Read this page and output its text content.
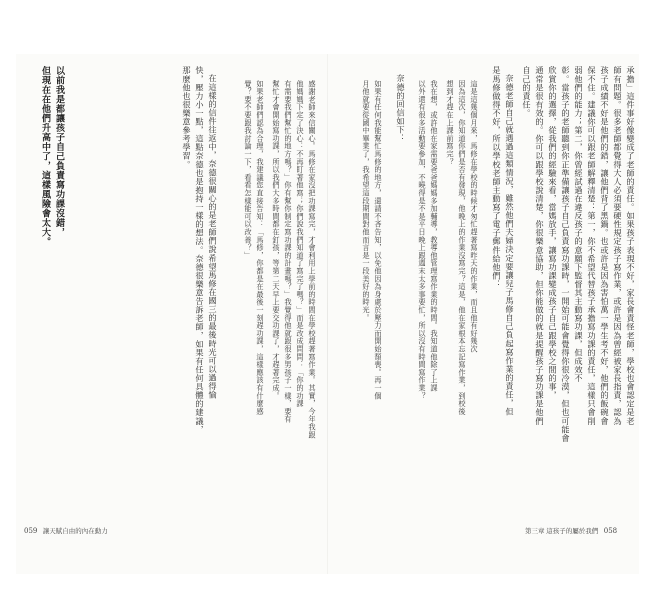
承擔」這件事好像變成了老師的責任。如果孩子表現不好，家長會責怪老師，學校也會認定是老
師有問題。很多老師都覺得大人必須要硬性規定孩子寫作業，或許是因為曾經被家長指責，認為
孩子成績不好是他們的錯，讓他們背了黑鍋。也或許是因為害怕萬一學生考不好，他們的飯碗會
保不住。建議你可以跟老師解釋清楚：第一，你不希望代替孩子承擔寫功課的責任，這樣只會削
弱他們的能力；第二，你曾經試過在違反孩子的意願下監督其主動寫功課，但成效不
彰。當孩子的老師聽到你正準備讓孩子自己負責寫功課時，一開始可能會覺得你很冷漠，但也可能會
欣賞你的選擇，從我們的經驗來看，當媽放手，讓寫功課變成孩子自己跟學校之間的事，
通常是很有效的。你可以跟學校說清楚，你很樂意協助，但你能做的就是提醒孩子寫功課是他們
自己的責任。
奈德老師自己就遇過這類情況，雖然他們夫婦決定要讓兒子馬修自己負起寫作業的責任，但
是馬修做得不好，所以學校老師主動寫了電子郵件給他們：
這是這幾個月來，馬修在學校的時候才匆忙趕著寫昨天的作業，而且他有好幾次
因為這次，你知道你們是否有發現，他晚上的作業沒寫完？這是，他在家根本忘記寫作業，到校後
想到才趕在上課前寫完？
我在想，或許他在家需要爸爸媽媽多加輔導，教導他管理寫作業的時間。我知道他除了上課
以外還有很多活動要參加，不曉得是不是平日晚上跟週末太多事要忙，所以沒有時間寫作業？
奈德的回信如下：
如果有任何我能幫忙馬修的地方，還請不吝告知，以免他因為身處於壓力而開始頹喪。再一個
月他就要從國中畢業了，我希望這段期間對他而言是一段美好的時光。
感謝老師來信關心。馬修在家沒把功課寫完，才會利用上學前的時間在學校趕著寫作業。其實，今年我跟
他媽媽下定了決心：不再盯著他寫；你們說我們知道了寫完了嗎？」而是改成問問：「你的功課
有需要我們幫忙的地方嗎？」你有幫你制定寫功課的計畫嗎？」我覺得他就跟很多男孩子一樣，要有
幫忙才會開始寫功課，所以我們大多時間都在釘孩，等第二天早上要交功課了，才趕著完成。
如果老師們認為合理，我建議您直接告知：「馬修，你都是在最後一刻趕功課，這樣應該有什麼感
覺？要不要跟我討論一下，看看怎樣能可以改善？」
在這樣的信件往返中，奈德很關心的是老師們說希望馬修在國三的最後時光可以過得愉
快，壓力小一點，這點奈德也是抱持一樣的想法。奈德很樂意告訴老師，如果有任何具體的建議，
那麼他也很樂意參考學習。
以前我是都讓孩子自己負責寫功課沒錯，
但現在在他們升高中了，這樣風險會太大。
059 讓天賦自由的內在動力	第三章 這孩子的屬於我們 058
